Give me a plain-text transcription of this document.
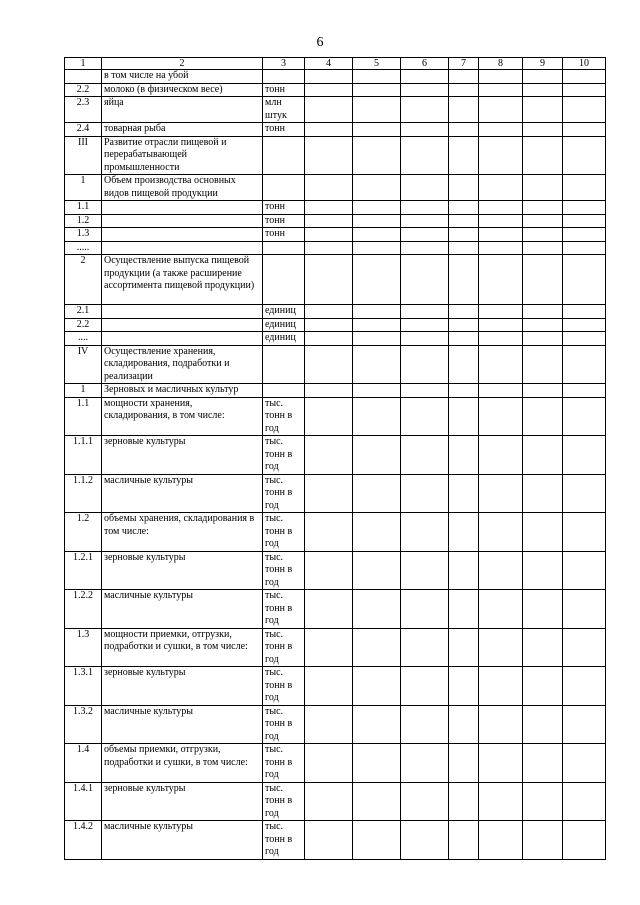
6
1	2	3	4	5	6	7	8	9	10
	в том числе на убой								
2.2	молоко (в физическом весе)	тонн							
2.3	яйца	млн штук							
2.4	товарная рыба	тонн							
III	Развитие отрасли пищевой и перерабатывающей промышленности								
1	Объем производства основных видов пищевой продукции								
1.1		тонн							
1.2		тонн							
1.3		тонн							
.....									
2	Осуществление выпуска пищевой продукции (а также расширение ассортимента пищевой продукции)								
2.1		единиц							
2.2		единиц							
....		единиц							
IV	Осуществление хранения, складирования, подработки и реализации								
1	Зерновых и масличных культур								
1.1	мощности хранения, складирования, в том числе:	тыс. тонн в год							
1.1.1	зерновые культуры	тыс. тонн в год							
1.1.2	масличные культуры	тыс. тонн в год							
1.2	объемы хранения, складирования в том числе:	тыс. тонн в год							
1.2.1	зерновые культуры	тыс. тонн в год							
1.2.2	масличные культуры	тыс. тонн в год							
1.3	мощности приемки, отгрузки, подработки и сушки, в том числе:	тыс. тонн в год							
1.3.1	зерновые культуры	тыс. тонн в год							
1.3.2	масличные культуры	тыс. тонн в год							
1.4	объемы приемки, отгрузки, подработки и сушки, в том числе:	тыс. тонн в год							
1.4.1	зерновые культуры	тыс. тонн в год							
1.4.2	масличные культуры	тыс. тонн в год							
